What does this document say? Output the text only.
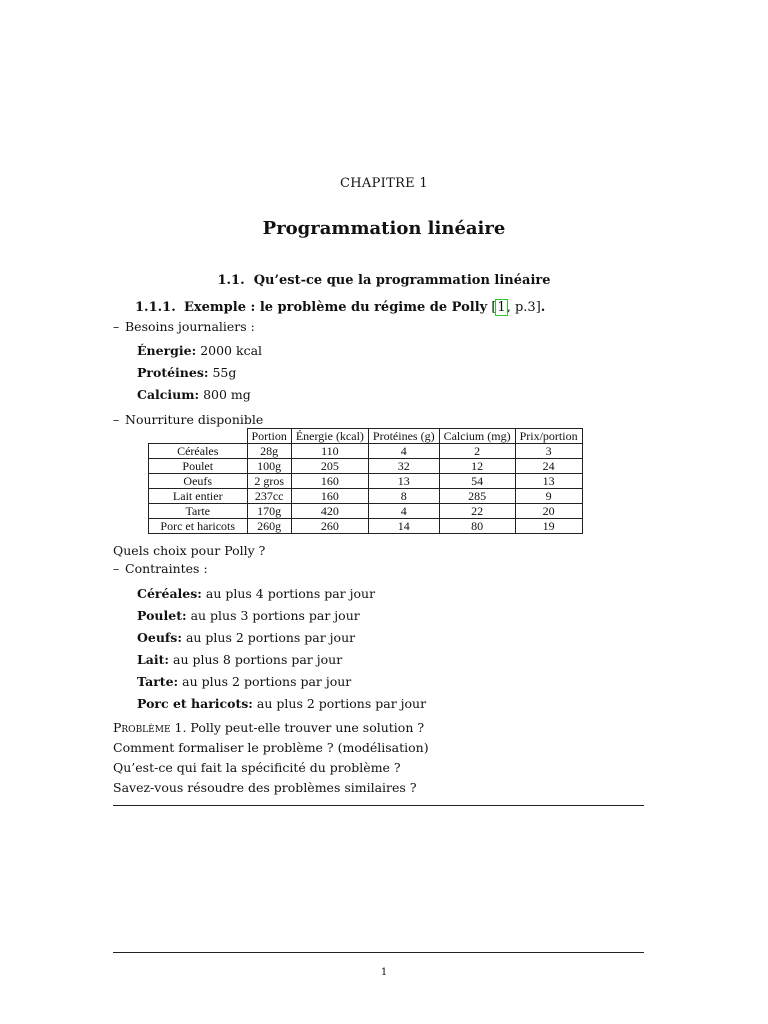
CHAPITRE 1
Programmation linéaire
1.1. Qu’est-ce que la programmation linéaire
1.1.1. Exemple : le problème du régime de Polly [1, p.3].
– Besoins journaliers :
Énergie: 2000 kcal
Protéines: 55g
Calcium: 800 mg
– Nourriture disponible
	Portion	Énergie (kcal)	Protéines (g)	Calcium (mg)	Prix/portion
Céréales	28g	110	4	2	3
Poulet	100g	205	32	12	24
Oeufs	2 gros	160	13	54	13
Lait entier	237cc	160	8	285	9
Tarte	170g	420	4	22	20
Porc et haricots	260g	260	14	80	19
Quels choix pour Polly ?
– Contraintes :
Céréales: au plus 4 portions par jour
Poulet: au plus 3 portions par jour
Oeufs: au plus 2 portions par jour
Lait: au plus 8 portions par jour
Tarte: au plus 2 portions par jour
Porc et haricots: au plus 2 portions par jour
Problème 1. Polly peut-elle trouver une solution ?
Comment formaliser le problème ? (modélisation)
Qu’est-ce qui fait la spécificité du problème ?
Savez-vous résoudre des problèmes similaires ?
1
